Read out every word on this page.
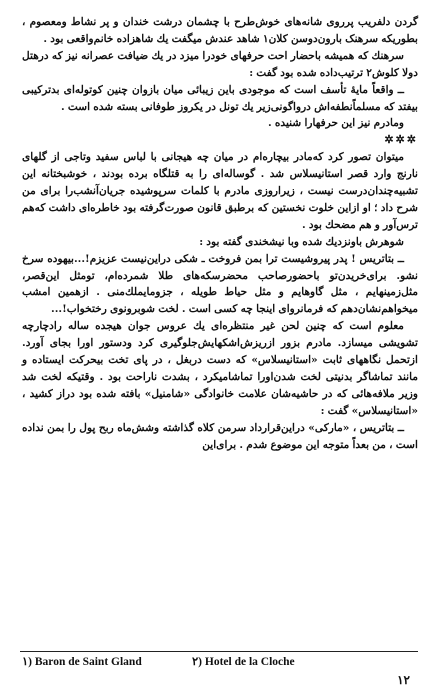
گردن دلفریب پرروی شانه‌های خوش‌طرح با چشمان درشت خندان و پر نشاط ومعصوم ، بطوریکه سرهنک بارون‌دوسن کلان۱ شاهد عندش میگفت یك شاهزاده خانم‌واقعی بود .

سرهنك که همیشه باحضار احت حرفهای خودرا میزد در یك ضیافت عصرانه نیز که درهتل دولا کلوش۲ ترتیب‌داده شده بود گفت :

ــ واقعاً مایهٔ تأسف است که موجودی باین زیبائی میان بازوان چنین کوتوله‌ای بدترکیبی بیفتد که مسلماًنطفه‌اش درواگونی‌زیر یك تونل در یکروز طوفانی بسته شده است .

ومادرم نیز این حرفهارا شنیده .

✲✲✲

میتوان تصور کرد که‌مادر بیچاره‌ام در میان چه هیجانی با لباس سفید وتاجی از گلهای نارنج وارد قصر استانیسلاس شد . گوساله‌ای را به قتلگاه برده بودند ، خوشبختانه این تشبیه‌چندان‌درست نیست ، زیرا‌روزی مادرم با کلمات سرپوشیده جریان‌آنشب‌را برای من شرح داد ؛ او ازاین خلوت نخستین که برطبق قانون صورت‌گرفته بود خاطره‌ای داشت که‌هم ترس‌آور و هم مضحك بود .

شوهرش با‌ونزدیك شده وبا نیشخندی گفته بود :

ــ بتاتریس ! پدر پیروشیست ترا بمن فروخت ـ شکی دراین‌نیست عزیزم!...بیهوده سرخ نشو. برای‌خریدن‌تو باحضور‌صاحب محضرسکه‌های طلا شمرده‌ام، تومثل این‌قصر، مثل‌زمینهایم ، مثل گاوهایم و مثل حیاط طویله ، جزومایملك‌منی . ازهمین امشب میخواهم‌نشان‌دهم که فرمانروای اینجا چه کسی است . لخت شوبرونوی رختخواب!...

معلوم است که چنین لحن غیر منتظره‌ای یك عروس جوان هیجده ساله را‌دچارچه تشویشی میسازد. مادرم بزور ازریزش‌اشکهایش‌جلوگیری کرد ودستور اورا بجای آورد. ازتحمل نگاههای ثابت «استانیسلاس» که دست دربغل ، در پای تخت بیحرکت ایستاده و مانند تماشاگر بدنیتی لخت شدن‌اورا تماشامیکرد ، بشدت ناراحت بود . وقتیکه لخت شد وزیر ملافه‌هائی که در حاشیه‌شان علامت خانوادگی «شامنیل» بافته شده بود دراز کشید ، «استانیسلاس» گفت :

ــ بتاتریس ، «مارکی» دراین‌قرارداد سرمن کلاه گذاشته وشش‌ماه ربح پول را بمن نداده است ، من بعداً متوجه این موضوع شدم . برای‌این

۱) Baron de Saint Gland	۲) Hotel de la Cloche
۱۲
